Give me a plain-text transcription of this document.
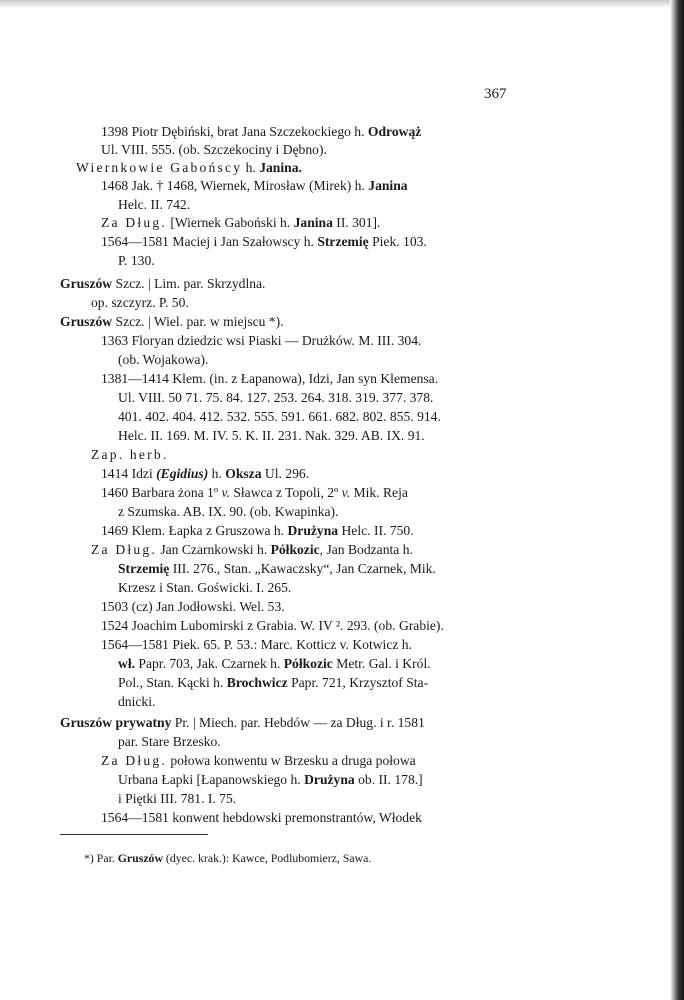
367
1398 Piotr Dębiński, brat Jana Szczekockiego h. Odrowąż
Ul. VIII. 555. (ob. Szczekociny i Dębno).
Wiernkowie Gabońscy h. Janina.
1468 Jak. † 1468, Wiernek, Mirosław (Mirek) h. Janina
Helc. II. 742.
Za Dług. [Wiernek Gaboński h. Janina II. 301].
1564—1581 Maciej i Jan Szałowscy h. Strzemię Piek. 103.
P. 130.
Gruszów Szcz. | Lim. par. Skrzydlna.
op. szczyrz. P. 50.
Gruszów Szcz. | Wiel. par. w miejscu *).
1363 Floryan dziedzic wsi Piaski — Drużków. M. III. 304.
(ob. Wojakowa).
1381—1414 Klem. (in. z Łapanowa), Idzi, Jan syn Klemensa.
Ul. VIII. 50 71. 75. 84. 127. 253. 264. 318. 319. 377. 378.
401. 402. 404. 412. 532. 555. 591. 661. 682. 802. 855. 914.
Helc. II. 169. M. IV. 5. K. II. 231. Nak. 329. AB. IX. 91.
Zap. herb.
1414 Idzi (Egidius) h. Oksza Ul. 296.
1460 Barbara żona 1º v. Sławca z Topoli, 2º v. Mik. Reja
z Szumska. AB. IX. 90. (ob. Kwapinka).
1469 Klem. Łapka z Gruszowa h. Drużyna Helc. II. 750.
Za Dług. Jan Czarnkowski h. Półkozic, Jan Bodzanta h.
Strzemię III. 276., Stan. „Kawaczsky“, Jan Czarnek, Mik.
Krzesz i Stan. Goświcki. I. 265.
1503 (cz) Jan Jodłowski. Wel. 53.
1524 Joachim Lubomirski z Grabia. W. IV ². 293. (ob. Grabie).
1564—1581 Piek. 65. P. 53.: Marc. Kotticz v. Kotwicz h.
wł. Papr. 703, Jak. Czarnek h. Półkozic Metr. Gal. i Król.
Pol., Stan. Kącki h. Brochwicz Papr. 721, Krzysztof Sta-
dnicki.
Gruszów prywatny Pr. | Miech. par. Hebdów — za Dług. i r. 1581
par. Stare Brzesko.
Za Dług. połowa konwentu w Brzesku a druga połowa
Urbana Łapki [Łapanowskiego h. Drużyna ob. II. 178.]
i Piętki III. 781. I. 75.
1564—1581 konwent hebdowski premonstrantów, Włodek
*) Par. Gruszów (dyec. krak.): Kawce, Podlubomierz, Sawa.
